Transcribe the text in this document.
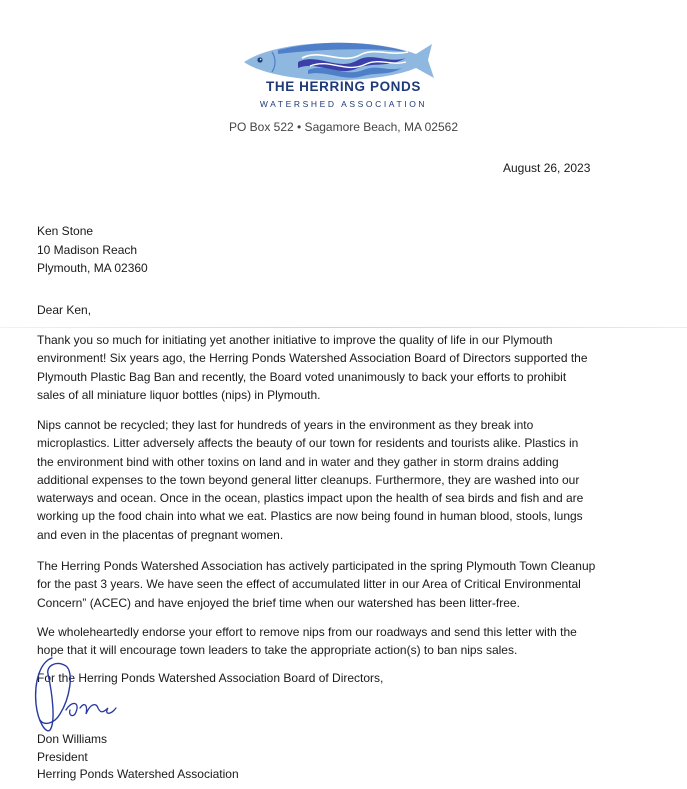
THE HERRING PONDS
WATERSHED ASSOCIATION
PO Box 522 • Sagamore Beach, MA 02562
August 26, 2023
Ken Stone
10 Madison Reach
Plymouth, MA 02360
Dear Ken,
Thank you so much for initiating yet another initiative to improve the quality of life in our Plymouth
environment! Six years ago, the Herring Ponds Watershed Association Board of Directors supported the
Plymouth Plastic Bag Ban and recently, the Board voted unanimously to back your efforts to prohibit
sales of all miniature liquor bottles (nips) in Plymouth.
Nips cannot be recycled; they last for hundreds of years in the environment as they break into
microplastics. Litter adversely affects the beauty of our town for residents and tourists alike. Plastics in
the environment bind with other toxins on land and in water and they gather in storm drains adding
additional expenses to the town beyond general litter cleanups. Furthermore, they are washed into our
waterways and ocean. Once in the ocean, plastics impact upon the health of sea birds and fish and are
working up the food chain into what we eat. Plastics are now being found in human blood, stools, lungs
and even in the placentas of pregnant women.
The Herring Ponds Watershed Association has actively participated in the spring Plymouth Town Cleanup
for the past 3 years. We have seen the effect of accumulated litter in our Area of Critical Environmental
Concern” (ACEC) and have enjoyed the brief time when our watershed has been litter-free.
We wholeheartedly endorse your effort to remove nips from our roadways and send this letter with the
hope that it will encourage town leaders to take the appropriate action(s) to ban nips sales.
For the Herring Ponds Watershed Association Board of Directors,
Don Williams
President
Herring Ponds Watershed Association
